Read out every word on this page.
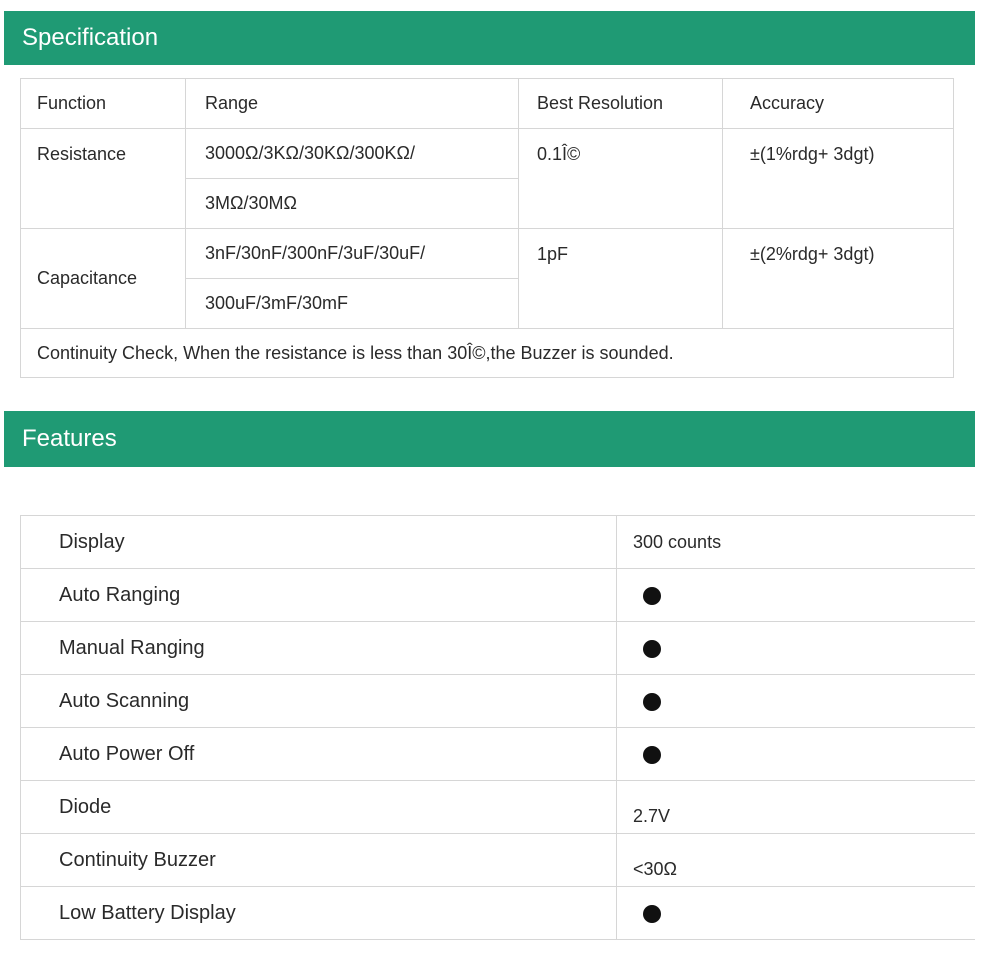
Specification
Function	Range	Best Resolution	Accuracy
Resistance	3000Ω/3KΩ/30KΩ/300KΩ/	0.1Î©	±(1%rdg+ 3dgt)
	3MΩ/30MΩ		
Capacitance	3nF/30nF/300nF/3uF/30uF/	1pF	±(2%rdg+ 3dgt)
	300uF/3mF/30mF		
Continuity Check, When the resistance is less than 30Î©,the Buzzer is sounded.			
Features
Display	300 counts
Auto Ranging	
Manual Ranging	
Auto Scanning	
Auto Power Off	
Diode	2.7V
Continuity Buzzer	<30Ω
Low Battery Display	
